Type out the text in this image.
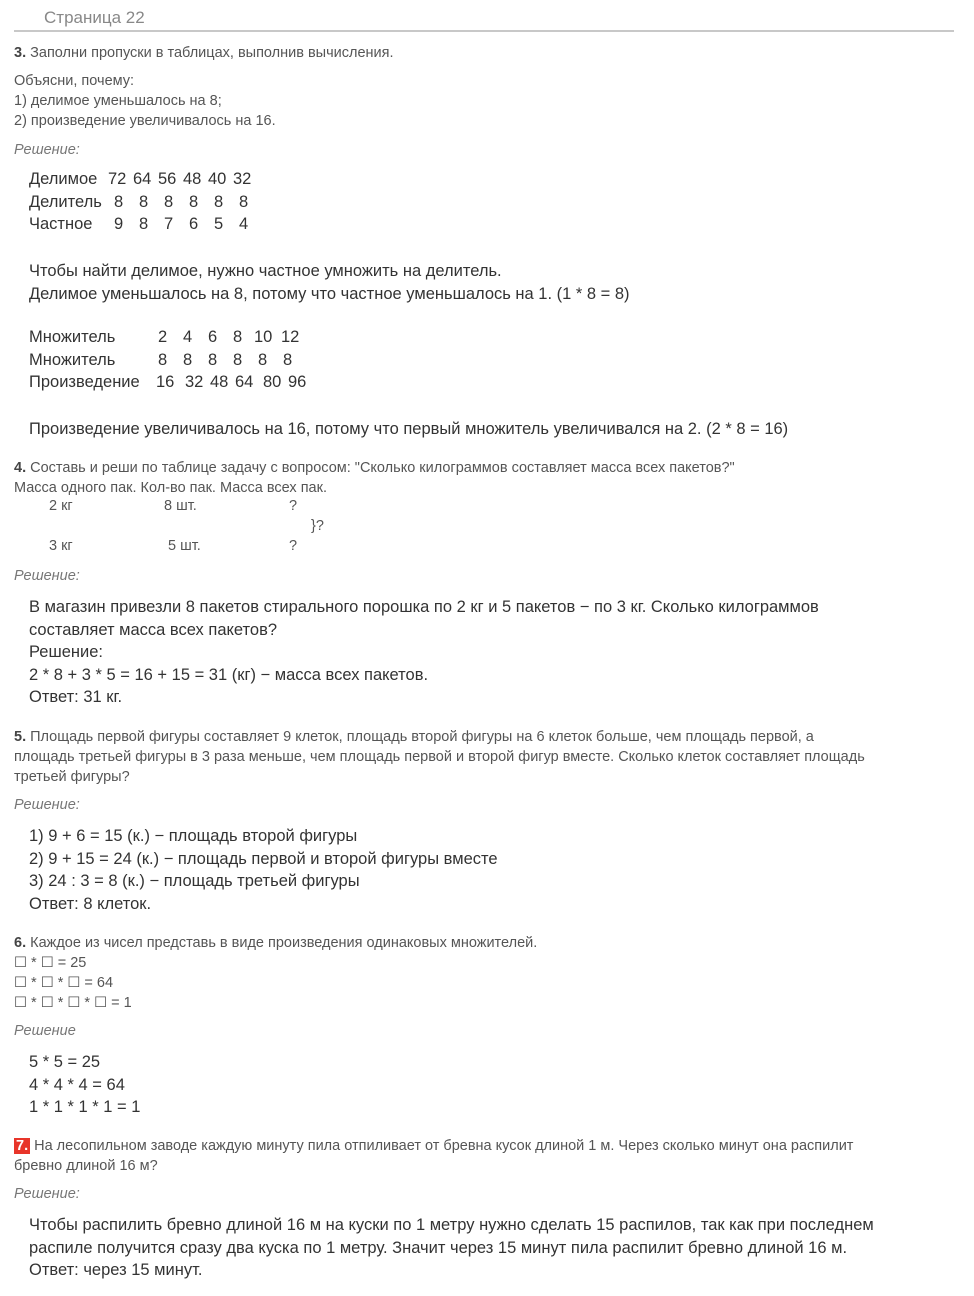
Страница 22
3. Заполни пропуски в таблицах, выполнив вычисления.
Объясни, почему:
1) делимое уменьшалось на 8;
2) произведение увеличивалось на 16.
Решение:
Делимое 72 64 56 48 40 32
Делитель 8 8 8 8 8 8
Частное 9 8 7 6 5 4
Чтобы найти делимое, нужно частное умножить на делитель.
Делимое уменьшалось на 8, потому что частное уменьшалось на 1. (1 * 8 = 8)
Множитель	2 4 6 8 10 12
Множитель	8 8 8 8 8 8
Произведение 16 32 48 64 80 96
Произведение увеличивалось на 16, потому что первый множитель увеличивался на 2. (2 * 8 = 16)
4. Составь и реши по таблице задачу с вопросом: "Сколько килограммов составляет масса всех пакетов?"
Масса одного пак. Кол-во пак. Масса всех пак.
2 кг	8 шт.	?
}?
3 кг	5 шт.	?
Решение:
В магазин привезли 8 пакетов стирального порошка по 2 кг и 5 пакетов − по 3 кг. Сколько килограммов
составляет масса всех пакетов?
Решение:
2 * 8 + 3 * 5 = 16 + 15 = 31 (кг) − масса всех пакетов.
Ответ: 31 кг.
5. Площадь первой фигуры составляет 9 клеток, площадь второй фигуры на 6 клеток больше, чем площадь первой, а
площадь третьей фигуры в 3 раза меньше, чем площадь первой и второй фигур вместе. Сколько клеток составляет площадь
третьей фигуры?
Решение:
1) 9 + 6 = 15 (к.) − площадь второй фигуры
2) 9 + 15 = 24 (к.) − площадь первой и второй фигуры вместе
3) 24 : 3 = 8 (к.) − площадь третьей фигуры
Ответ: 8 клеток.
6. Каждое из чисел представь в виде произведения одинаковых множителей.
☐ * ☐ = 25
☐ * ☐ * ☐ = 64
☐ * ☐ * ☐ * ☐ = 1
Решение
5 * 5 = 25
4 * 4 * 4 = 64
1 * 1 * 1 * 1 = 1
7. На лесопильном заводе каждую минуту пила отпиливает от бревна кусок длиной 1 м. Через сколько минут она распилит
бревно длиной 16 м?
Решение:
Чтобы распилить бревно длиной 16 м на куски по 1 метру нужно сделать 15 распилов, так как при последнем
распиле получится сразу два куска по 1 метру. Значит через 15 минут пила распилит бревно длиной 16 м.
Ответ: через 15 минут.
